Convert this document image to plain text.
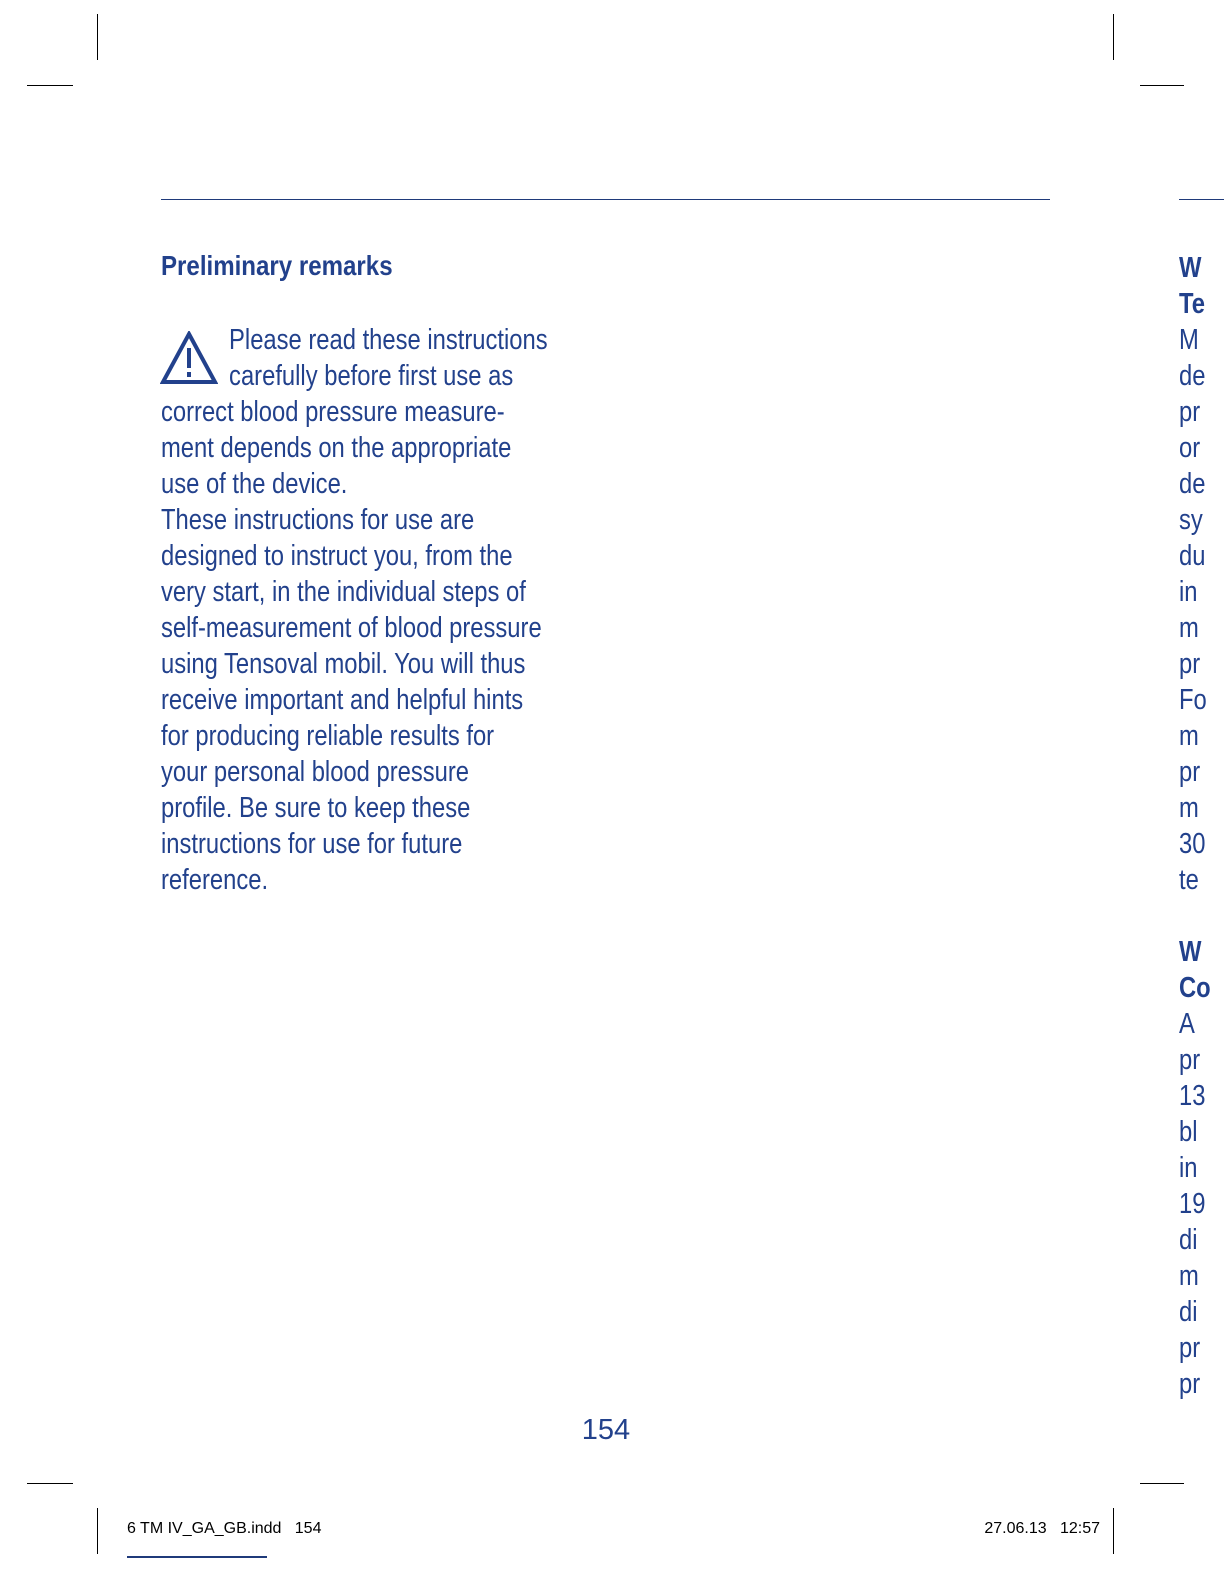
Preliminary remarks
Please read these instructions
carefully before first use as
correct blood pressure measure-
ment depends on the appropriate
use of the device.
These instructions for use are
designed to instruct you, from the
very start, in the individual steps of
self-measurement of blood pressure
using Tensoval mobil. You will thus
receive important and helpful hints
for producing reliable results for
your personal blood pressure
profile. Be sure to keep these
instructions for use for future
reference.
W
Te
M
de
pr
or
de
sy
du
in
m
pr
Fo
m
pr
m
30
te
W
Co
A
pr
13
bl
in
19
di
m
di
pr
pr
154
6 TM IV_GA_GB.indd   154	27.06.13   12:57
